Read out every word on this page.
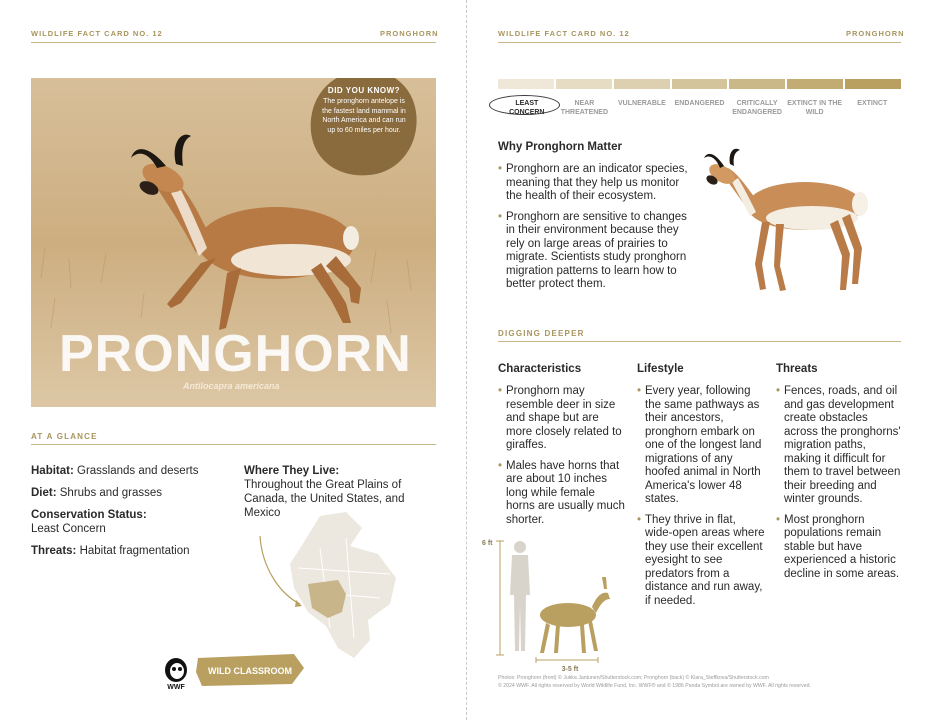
WILDLIFE FACT CARD NO. 12	PRONGHORN
DID YOU KNOW?
The pronghorn antelope is the fastest land mammal in North America and can run up to 60 miles per hour.
PRONGHORN
Antilocapra americana
AT A GLANCE
Habitat: Grasslands and deserts
Diet: Shrubs and grasses
Conservation Status:
Least Concern
Threats: Habitat fragmentation
Where They Live:
Throughout the Great Plains of Canada, the United States, and Mexico
WWF
WILD CLASSROOM
WILDLIFE FACT CARD NO. 12	PRONGHORN
LEAST CONCERN
NEAR THREATENED
VULNERABLE	ENDANGERED	CRITICALLY ENDANGERED
EXTINCT IN THE WILD
EXTINCT
Why Pronghorn Matter
• Pronghorn are an indicator species, meaning that they help us monitor the health of their ecosystem.
• Pronghorn are sensitive to changes in their environment because they rely on large areas of prairies to migrate. Scientists study pronghorn migration patterns to learn how to better protect them.
DIGGING DEEPER
Characteristics
• Pronghorn may resemble deer in size and shape but are more closely related to giraffes.
• Males have horns that are about 10 inches long while female horns are usually much shorter.
Lifestyle
• Every year, following the same pathways as their ancestors, pronghorn embark on one of the longest land migrations of any hoofed animal in North America's lower 48 states.
• They thrive in flat, wide-open areas where they use their excellent eyesight to see predators from a distance and run away, if needed.
Threats
• Fences, roads, and oil and gas development create obstacles across the pronghorns' migration paths, making it difficult for them to travel between their breeding and winter grounds.
• Most pronghorn populations remain stable but have experienced a historic decline in some areas.
6 ft
3-5 ft
Photos: Pronghorn (front) © Jukka Jantunen/Shutterstock.com; Pronghorn (back) © Klara_Steffkova/Shutterstock.com
© 2024 WWF. All rights reserved by World Wildlife Fund, Inc. WWF® and © 1986 Panda Symbol are owned by WWF. All rights reserved.
